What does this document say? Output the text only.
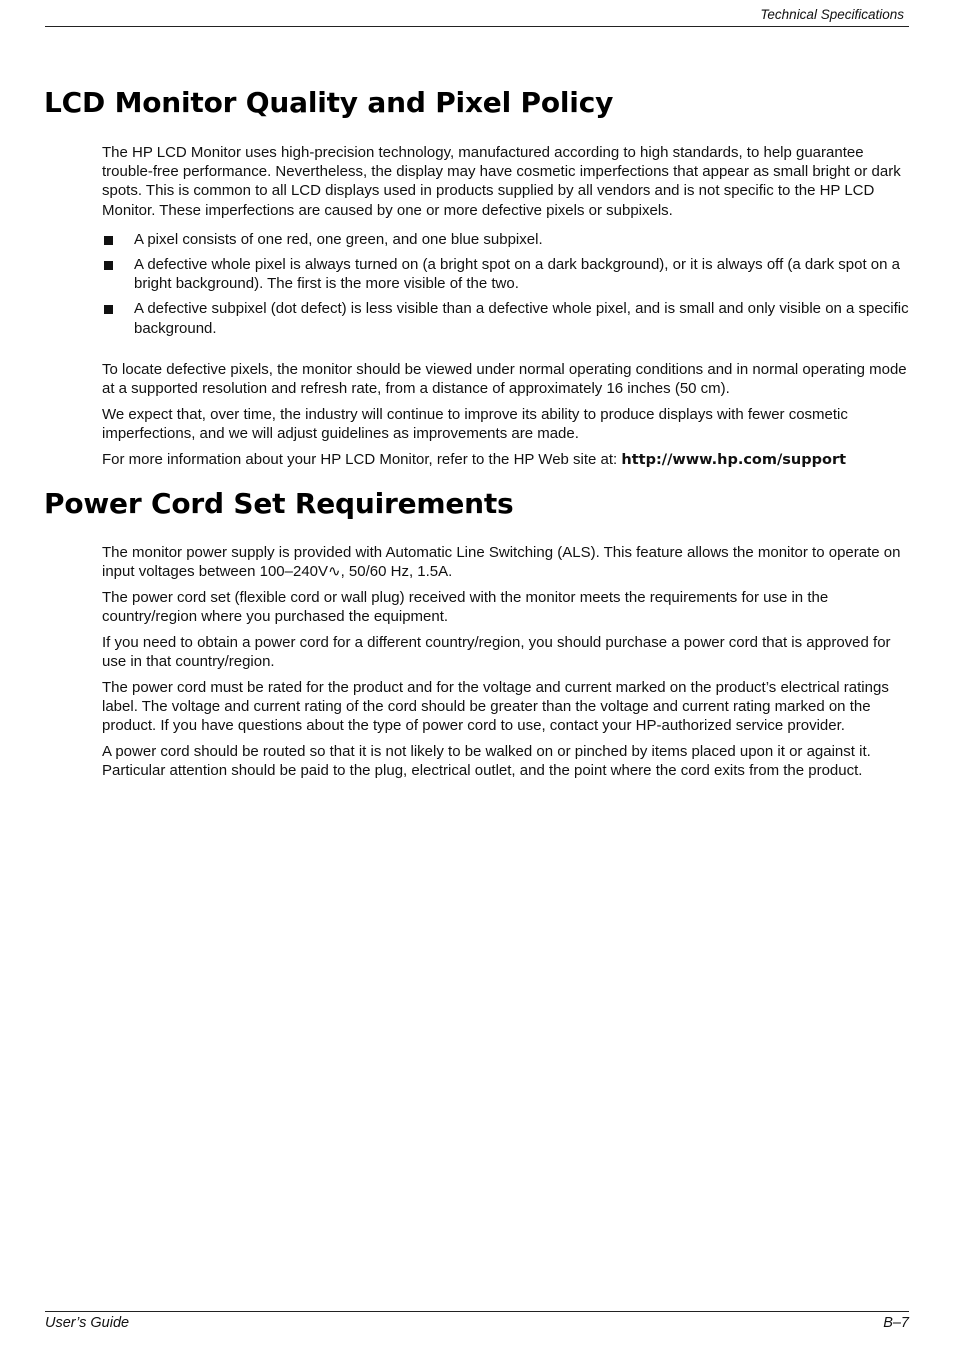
Technical Specifications
LCD Monitor Quality and Pixel Policy

The HP LCD Monitor uses high-precision technology, manufactured according to high standards, to help guarantee trouble-free performance. Nevertheless, the display may have cosmetic imperfections that appear as small bright or dark spots. This is common to all LCD displays used in products supplied by all vendors and is not specific to the HP LCD Monitor. These imperfections are caused by one or more defective pixels or subpixels.

A pixel consists of one red, one green, and one blue subpixel.
A defective whole pixel is always turned on (a bright spot on a dark background), or it is always off (a dark spot on a bright background). The first is the more visible of the two.
A defective subpixel (dot defect) is less visible than a defective whole pixel, and is small and only visible on a specific background.

To locate defective pixels, the monitor should be viewed under normal operating conditions and in normal operating mode at a supported resolution and refresh rate, from a distance of approximately 16 inches (50 cm).

We expect that, over time, the industry will continue to improve its ability to produce displays with fewer cosmetic imperfections, and we will adjust guidelines as improvements are made.

For more information about your HP LCD Monitor, refer to the HP Web site at: http://www.hp.com/support

Power Cord Set Requirements

The monitor power supply is provided with Automatic Line Switching (ALS). This feature allows the monitor to operate on input voltages between 100–240V∿, 50/60 Hz, 1.5A.

The power cord set (flexible cord or wall plug) received with the monitor meets the requirements for use in the country/region where you purchased the equipment.

If you need to obtain a power cord for a different country/region, you should purchase a power cord that is approved for use in that country/region.

The power cord must be rated for the product and for the voltage and current marked on the product’s electrical ratings label. The voltage and current rating of the cord should be greater than the voltage and current rating marked on the product. If you have questions about the type of power cord to use, contact your HP-authorized service provider.

A power cord should be routed so that it is not likely to be walked on or pinched by items placed upon it or against it. Particular attention should be paid to the plug, electrical outlet, and the point where the cord exits from the product.

User’s Guide	B–7
